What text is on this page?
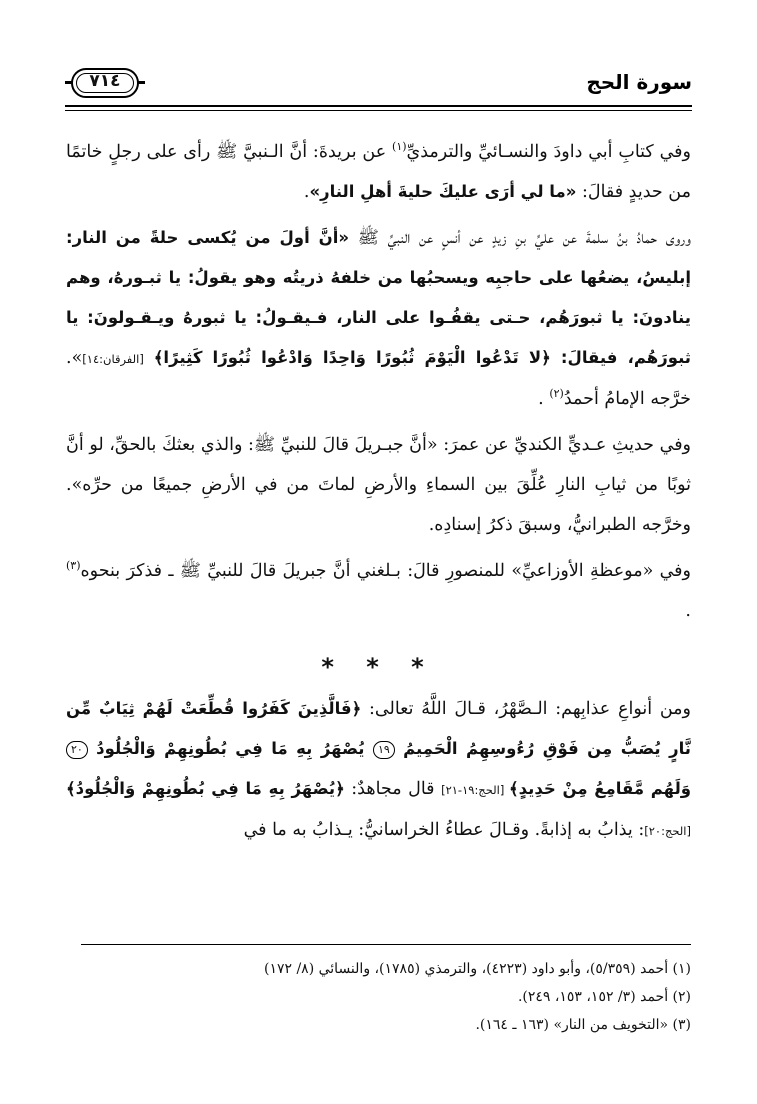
سورة الحج
٧١٤

وفي كتابِ أبي داودَ والنسـائيِّ والترمذيِّ$^{(١)}$ عن بريدةَ: أنَّ الـنبيَّ ﷺ رأى على رجلٍ خاتمًا من حديدٍ فقالَ: «ما لي أرَى عليكَ حليةَ أهلِ النارِ».

وروى حمادُ بنُ سلمةَ عن عليِّ بنِ زيدٍ عن أنسٍ عن النبيِّ ﷺ «أنَّ أولَ من يُكسى حلةً من النار: إبليسُ، يضعُها على حاجبِه ويسحبُها من خلفهُ ذريتُه وهو يقولُ: يا ثبـورهُ، وهم ينادونَ: يا ثبورَهُم، حـتى يقفُـوا على النار، فـيقـولُ: يا ثبورهُ ويـقـولونَ: يا ثبورَهُم، فيقالَ: ﴿لا تَدْعُوا الْيَوْمَ ثُبُورًا وَاحِدًا وَادْعُوا ثُبُورًا كَثِيرًا﴾ [الفرقان:١٤]». خرَّجه الإمامُ أحمدُ$^{(٢)}$ .

وفي حديثِ عـديٍّ الكنديِّ عن عمرَ: «أنَّ جبـريلَ قالَ للنبيِّ ﷺ: والذي بعثكَ بالحقِّ، لو أنَّ ثوبًا من ثيابِ النارِ عُلِّقَ بين السماءِ والأرضِ لماتَ من في الأرضِ جميعًا من حرِّه». وخرَّجه الطبرانيُّ، وسبقَ ذكرُ إسنادِه.

وفي «موعظةِ الأوزاعيِّ» للمنصورِ قالَ: بـلغني أنَّ جبريلَ قالَ للنبيِّ ﷺ ـ فذكرَ بنحوه$^{(٣)}$ .

* * *

ومن أنواعِ عذابِهم: الـصَّهْرُ، قـالَ اللَّهُ تعالى: ﴿فَالَّذِينَ كَفَرُوا قُطِّعَتْ لَهُمْ ثِيَابٌ مِّن نَّارٍ يُصَبُّ مِن فَوْقِ رُءُوسِهِمُ الْحَمِيمُ ١٩ يُصْهَرُ بِهِ مَا فِي بُطُونِهِمْ وَالْجُلُودُ ٢٠ وَلَهُم مَّقَامِعُ مِنْ حَدِيدٍ﴾ [الحج:١٩-٢١] قال مجاهدٌ: ﴿يُصْهَرُ بِهِ مَا فِي بُطُونِهِمْ وَالْجُلُودُ﴾ [الحج:٢٠]: يذابُ به إذابةً. وقـالَ عطاءُ الخراسانيُّ: يـذابُ به ما في

(١) أحمد (٥/٣٥٩)، وأبو داود (٤٢٢٣)، والترمذي (١٧٨٥)، والنسائي (٨/ ١٧٢)

(٢) أحمد (٣/ ١٥٢، ١٥٣، ٢٤٩).

(٣) «التخويف من النار» (١٦٣ ـ ١٦٤).
